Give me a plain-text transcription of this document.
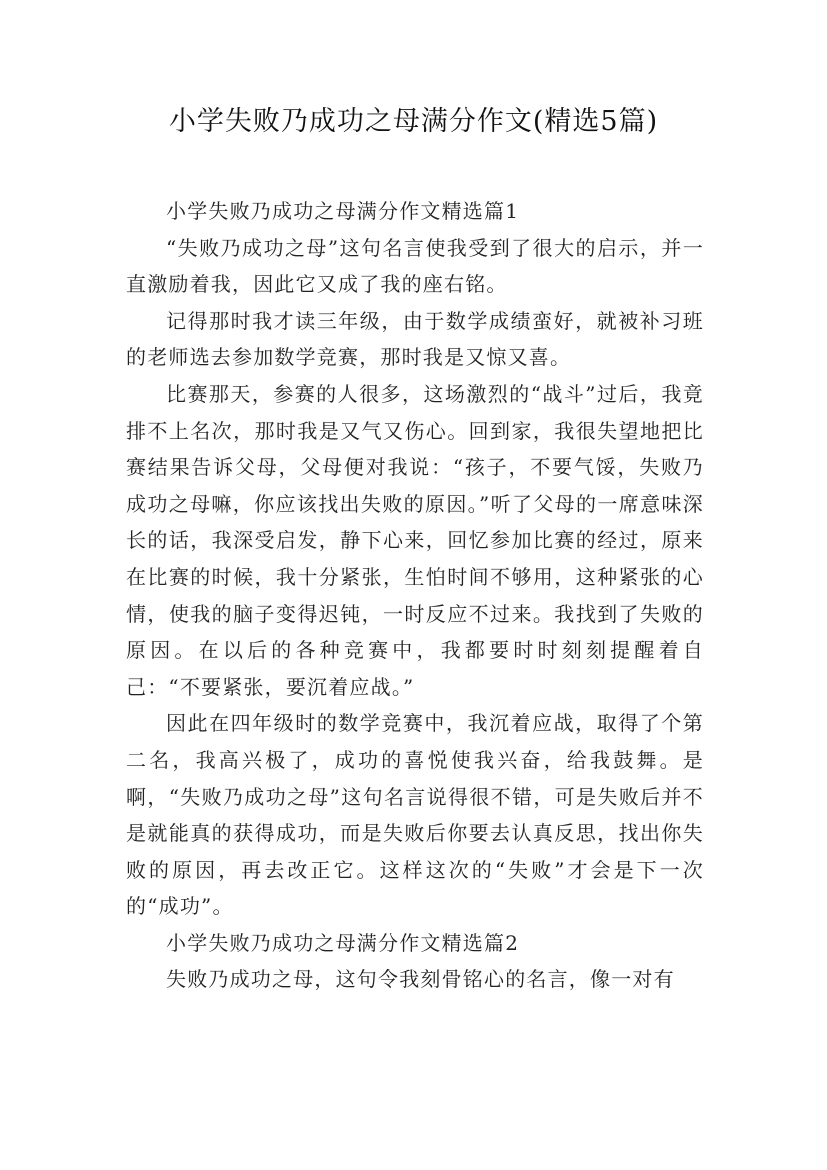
小学失败乃成功之母满分作文(精选5篇)

小学失败乃成功之母满分作文精选篇1

“失败乃成功之母”这句名言使我受到了很大的启示，并一直激励着我，因此它又成了我的座右铭。

记得那时我才读三年级，由于数学成绩蛮好，就被补习班的老师选去参加数学竞赛，那时我是又惊又喜。

比赛那天，参赛的人很多，这场激烈的“战斗”过后，我竟排不上名次，那时我是又气又伤心。回到家，我很失望地把比赛结果告诉父母，父母便对我说：“孩子，不要气馁，失败乃成功之母嘛，你应该找出失败的原因。”听了父母的一席意味深长的话，我深受启发，静下心来，回忆参加比赛的经过，原来在比赛的时候，我十分紧张，生怕时间不够用，这种紧张的心情，使我的脑子变得迟钝，一时反应不过来。我找到了失败的原因。在以后的各种竞赛中，我都要时时刻刻提醒着自己：“不要紧张，要沉着应战。”

因此在四年级时的数学竞赛中，我沉着应战，取得了个第二名，我高兴极了，成功的喜悦使我兴奋，给我鼓舞。是啊，“失败乃成功之母”这句名言说得很不错，可是失败后并不是就能真的获得成功，而是失败后你要去认真反思，找出你失败的原因，再去改正它。这样这次的“失败”才会是下一次的“成功”。

小学失败乃成功之母满分作文精选篇2

失败乃成功之母，这句令我刻骨铭心的名言，像一对有
